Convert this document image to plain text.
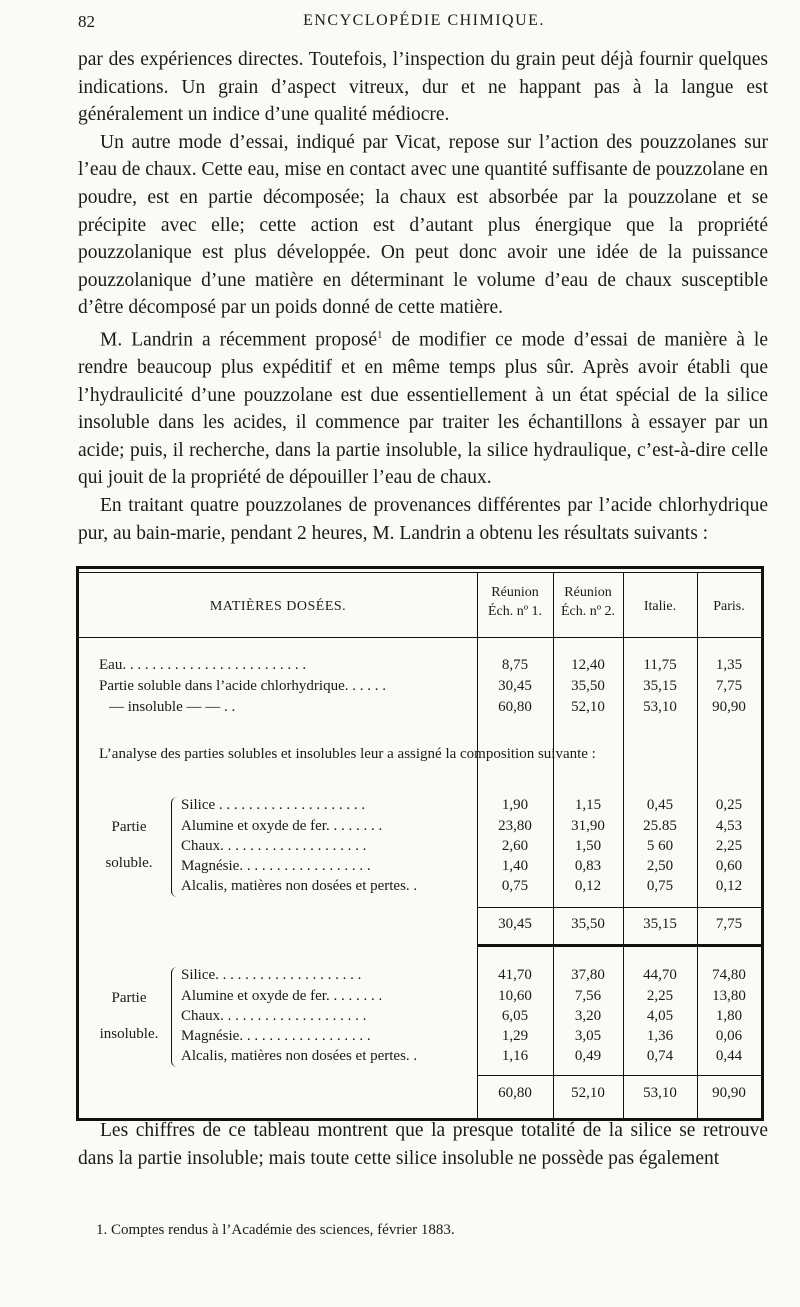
82	ENCYCLOPÉDIE CHIMIQUE.

par des expériences directes. Toutefois, l’inspection du grain peut déjà fournir quelques indications. Un grain d’aspect vitreux, dur et ne happant pas à la langue est généralement un indice d’une qualité médiocre.

Un autre mode d’essai, indiqué par Vicat, repose sur l’action des pouzzolanes sur l’eau de chaux. Cette eau, mise en contact avec une quantité suffisante de pouzzolane en poudre, est en partie décomposée; la chaux est absorbée par la pouzzolane et se précipite avec elle; cette action est d’autant plus énergique que la propriété pouzzolanique est plus développée. On peut donc avoir une idée de la puissance pouzzolanique d’une matière en déterminant le volume d’eau de chaux susceptible d’être décomposé par un poids donné de cette matière.

M. Landrin a récemment proposé$^1$ de modifier ce mode d’essai de manière à le rendre beaucoup plus expéditif et en même temps plus sûr. Après avoir établi que l’hydraulicité d’une pouzzolane est due essentiellement à un état spécial de la silice insoluble dans les acides, il commence par traiter les échantillons à essayer par un acide; puis, il recherche, dans la partie insoluble, la silice hydraulique, c’est-à-dire celle qui jouit de la propriété de dépouiller l’eau de chaux.

En traitant quatre pouzzolanes de provenances différentes par l’acide chlorhydrique pur, au bain-marie, pendant 2 heures, M. Landrin a obtenu les résultats suivants :

MATIÈRES DOSÉES.
Réunion
Éch. nº 1.
Réunion
Éch. nº 2.	Italie.	Paris.
Eau. . . . . . . . . . . . . . . . . . . . . . . . .	8,75	12,40	11,75	1,35
Partie soluble dans l’acide chlorhydrique. . . . . .	30,45	35,50	35,15	7,75
— insoluble — — . .	60,80	52,10	53,10	90,90
L’analyse des parties solubles et insolubles leur a assigné la composition suivante :
Partie
soluble.
Silice . . . . . . . . . . . . . . . . . . . .	1,90	1,15	0,45	0,25
Alumine et oxyde de fer. . . . . . . .	23,80	31,90	25.85	4,53
Chaux. . . . . . . . . . . . . . . . . . . .	2,60	1,50	5 60	2,25
Magnésie. . . . . . . . . . . . . . . . . .	1,40	0,83	2,50	0,60
Alcalis, matières non dosées et pertes. .	0,75	0,12	0,75	0,12
30,45	35,50	35,15	7,75
Partie
insoluble.
Silice. . . . . . . . . . . . . . . . . . . .	41,70	37,80	44,70	74,80
Alumine et oxyde de fer. . . . . . . .	10,60	7,56	2,25	13,80
Chaux. . . . . . . . . . . . . . . . . . . .	6,05	3,20	4,05	1,80
Magnésie. . . . . . . . . . . . . . . . . .	1,29	3,05	1,36	0,06
Alcalis, matières non dosées et pertes. .	1,16	0,49	0,74	0,44
60,80	52,10	53,10	90,90

Les chiffres de ce tableau montrent que la presque totalité de la silice se retrouve dans la partie insoluble; mais toute cette silice insoluble ne possède pas également

1. Comptes rendus à l’Académie des sciences, février 1883.
